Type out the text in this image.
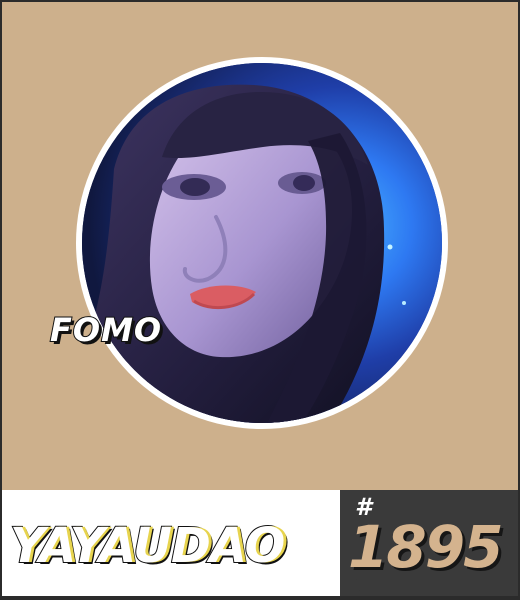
FOMO
YAYAUDAO
#
1895
